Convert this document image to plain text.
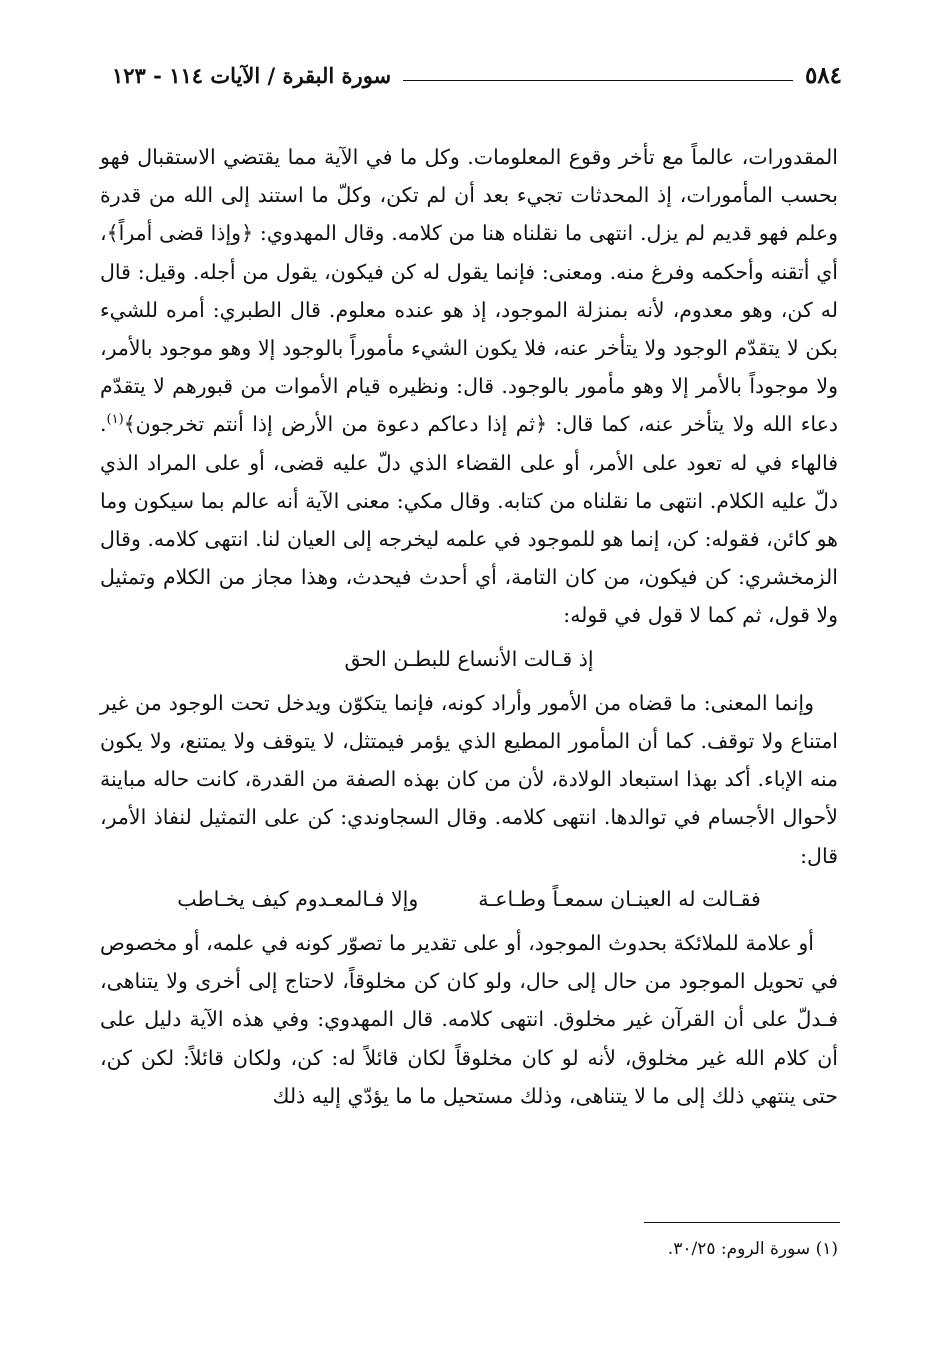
٥٨٤
سورة البقرة / الآيات ١١٤ - ١٢٣

المقدورات، عالماً مع تأخر وقوع المعلومات. وكل ما في الآية مما يقتضي الاستقبال فهو بحسب المأمورات، إذ المحدثات تجيء بعد أن لم تكن، وكلّ ما استند إلى الله من قدرة وعلم فهو قديم لم يزل. انتهى ما نقلناه هنا من كلامه. وقال المهدوي: ﴿وإذا قضى أمراً﴾، أي أتقنه وأحكمه وفرغ منه. ومعنى: فإنما يقول له كن فيكون، يقول من أجله. وقيل: قال له كن، وهو معدوم، لأنه بمنزلة الموجود، إذ هو عنده معلوم. قال الطبري: أمره للشيء بكن لا يتقدّم الوجود ولا يتأخر عنه، فلا يكون الشيء مأموراً بالوجود إلا وهو موجود بالأمر، ولا موجوداً بالأمر إلا وهو مأمور بالوجود. قال: ونظيره قيام الأموات من قبورهم لا يتقدّم دعاء الله ولا يتأخر عنه، كما قال: ﴿ثم إذا دعاكم دعوة من الأرض إذا أنتم تخرجون﴾$^{(١)}$. فالهاء في له تعود على الأمر، أو على القضاء الذي دلّ عليه قضى، أو على المراد الذي دلّ عليه الكلام. انتهى ما نقلناه من كتابه. وقال مكي: معنى الآية أنه عالم بما سيكون وما هو كائن، فقوله: كن، إنما هو للموجود في علمه ليخرجه إلى العيان لنا. انتهى كلامه. وقال الزمخشري: كن فيكون، من كان التامة، أي أحدث فيحدث، وهذا مجاز من الكلام وتمثيل ولا قول، ثم كما لا قول في قوله:

إذ قـالت الأنساع للبطـن الحق

وإنما المعنى: ما قضاه من الأمور وأراد كونه، فإنما يتكوّن ويدخل تحت الوجود من غير امتناع ولا توقف. كما أن المأمور المطيع الذي يؤمر فيمتثل، لا يتوقف ولا يمتنع، ولا يكون منه الإباء. أكد بهذا استبعاد الولادة، لأن من كان بهذه الصفة من القدرة، كانت حاله مباينة لأحوال الأجسام في توالدها. انتهى كلامه. وقال السجاوندي: كن على التمثيل لنفاذ الأمر، قال:

فقـالت له العينـان سمعـاً وطـاعـة
وإلا فـالمعـدوم كيف يخـاطب

أو علامة للملائكة بحدوث الموجود، أو على تقدير ما تصوّر كونه في علمه، أو مخصوص في تحويل الموجود من حال إلى حال، ولو كان كن مخلوقاً، لاحتاج إلى أخرى ولا يتناهى، فـدلّ على أن القرآن غير مخلوق. انتهى كلامه. قال المهدوي: وفي هذه الآية دليل على أن كلام الله غير مخلوق، لأنه لو كان مخلوقاً لكان قائلاً له: كن، ولكان قائلاً: لكن كن، حتى ينتهي ذلك إلى ما لا يتناهى، وذلك مستحيل ما ما يؤدّي إليه ذلك

(١) سورة الروم: ٣٠/٢٥.
